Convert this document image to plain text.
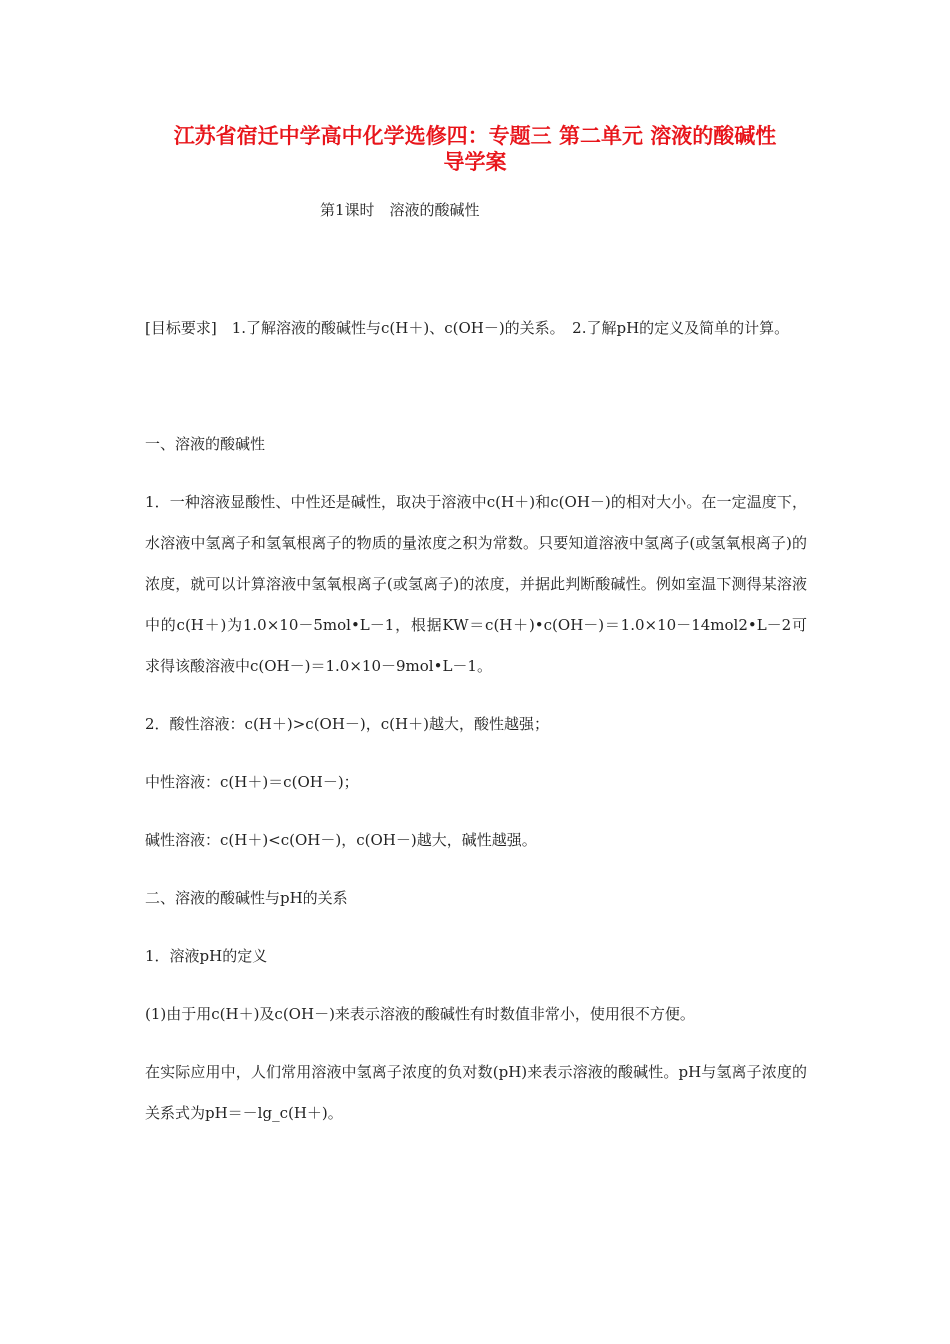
江苏省宿迁中学高中化学选修四：专题三 第二单元 溶液的酸碱性
导学案

第1课时　溶液的酸碱性

[目标要求]　1.了解溶液的酸碱性与c(H＋)、c(OH－)的关系。　2.了解pH的定义及简单的计算。

一、溶液的酸碱性

1．一种溶液显酸性、中性还是碱性，取决于溶液中c(H＋)和c(OH－)的相对大小。在一定温度下，水溶液中氢离子和氢氧根离子的物质的量浓度之积为常数。只要知道溶液中氢离子(或氢氧根离子)的浓度，就可以计算溶液中氢氧根离子(或氢离子)的浓度，并据此判断酸碱性。例如室温下测得某溶液中的c(H＋)为1.0×10－5mol•L－1，根据KW＝c(H＋)•c(OH－)＝1.0×10－14mol2•L－2可求得该酸溶液中c(OH－)＝1.0×10－9mol•L－1。

2．酸性溶液：c(H＋)>c(OH－)，c(H＋)越大，酸性越强；

中性溶液：c(H＋)＝c(OH－)；

碱性溶液：c(H＋)<c(OH－)，c(OH－)越大，碱性越强。

二、溶液的酸碱性与pH的关系

1．溶液pH的定义

(1)由于用c(H＋)及c(OH－)来表示溶液的酸碱性有时数值非常小，使用很不方便。

在实际应用中，人们常用溶液中氢离子浓度的负对数(pH)来表示溶液的酸碱性。pH与氢离子浓度的关系式为pH＝－lg_c(H＋)。
